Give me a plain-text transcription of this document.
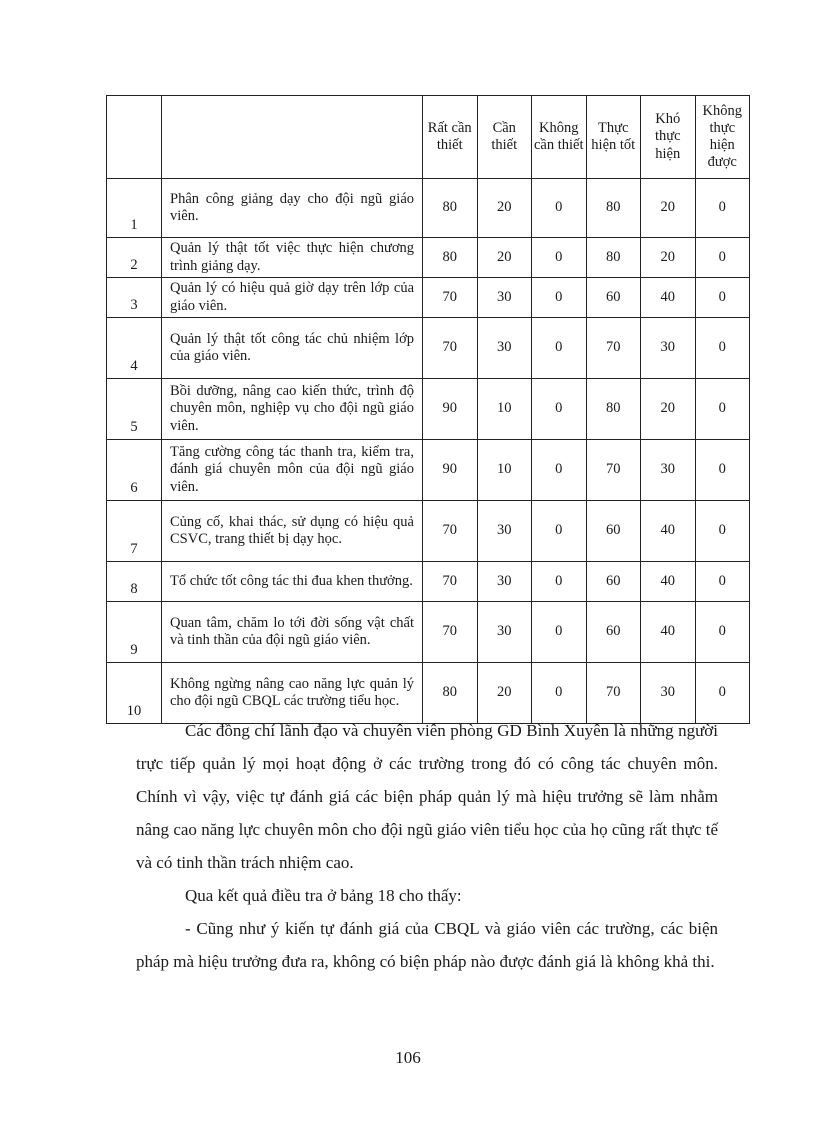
		Rất cần thiết	Cần thiết	Không cần thiết	Thực hiện tốt	Khó thực hiện	Không thực hiện được
1	Phân công giảng dạy cho đội ngũ giáo viên.	80	20	0	80	20	0
2	Quản lý thật tốt việc thực hiện chương trình giảng dạy.	80	20	0	80	20	0
3	Quản lý có hiệu quả giờ dạy trên lớp của giáo viên.	70	30	0	60	40	0
4	Quản lý thật tốt công tác chủ nhiệm lớp của giáo viên.	70	30	0	70	30	0
5	Bồi dưỡng, nâng cao kiến thức, trình độ chuyên môn, nghiệp vụ cho đội ngũ giáo viên.	90	10	0	80	20	0
6	Tăng cường công tác thanh tra, kiểm tra, đánh giá chuyên môn của đội ngũ giáo viên.	90	10	0	70	30	0
7	Củng cố, khai thác, sử dụng có hiệu quả CSVC, trang thiết bị dạy học.	70	30	0	60	40	0
8	Tổ chức tốt công tác thi đua khen thưởng.	70	30	0	60	40	0
9	Quan tâm, chăm lo tới đời sống vật chất và tinh thần của đội ngũ giáo viên.	70	30	0	60	40	0
10	Không ngừng nâng cao năng lực quản lý cho đội ngũ CBQL các trường tiểu học.	80	20	0	70	30	0

Các đồng chí lãnh đạo và chuyên viên phòng GD Bình Xuyên là những người trực tiếp quản lý mọi hoạt động ở các trường trong đó có công tác chuyên môn. Chính vì vậy, việc tự đánh giá các biện pháp quản lý mà hiệu trưởng sẽ làm nhằm nâng cao năng lực chuyên môn cho đội ngũ giáo viên tiểu học của họ cũng rất thực tế và có tinh thần trách nhiệm cao.

Qua kết quả điều tra ở bảng 18 cho thấy:

- Cũng như ý kiến tự đánh giá của CBQL và giáo viên các trường, các biện pháp mà hiệu trưởng đưa ra, không có biện pháp nào được đánh giá là không khả thi.

106
